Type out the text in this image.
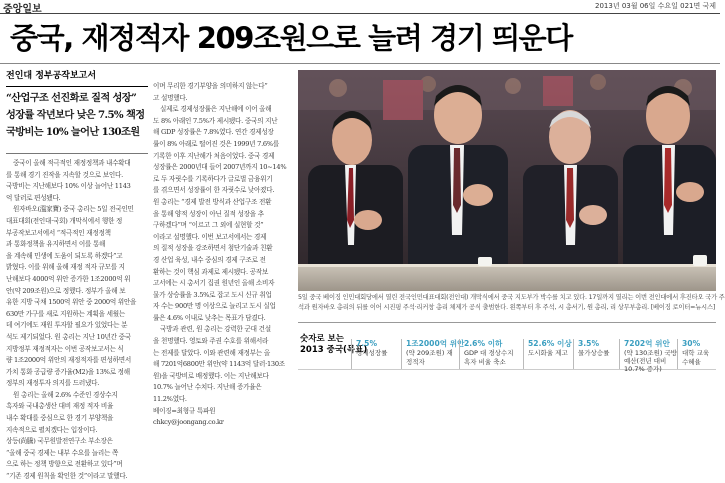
중앙일보	2013년 03월 06일 수요일 021면 국제
중국, 재정적자 209조원으로 늘려 경기 띄운다
전인대 정부공작보고서
“산업구조 선진화로 질적 성장”
성장률 작년보다 낮은 7.5% 책정
국방비는 10% 늘어난 130조원
중국이 올해 적극적인 재정정책과 내수확대
를 통해 경기 진작을 지속할 것으로 보인다.
국방비는 지난해보다 10% 이상 늘어난 1143
억 달러로 편성됐다.
원자바오(溫家寶) 중국 총리는 5일 전국인민
대표대회(전인대·국회) 개막식에서 행한 정
부공작보고서에서 “적극적인 재정정책
과 통화정책을 유지하면서 이를 통해
을 계속해 민생에 도움이 되도록 하겠다”고
밝혔다. 이를 위해 올해 재정 적자 규모를 지
난해보다 4000억 위안 증가한 1조2000억 위
안(약 209조원)으로 정했다. 정부가 올해 보
유한 지방 국채 1500억 위안 중 2000억 위안을
630만 가구를 새로 지원하는 계획을 세웠는
데 여기에도 재원 투자할 필요가 있었다는 분
석도 제기되었다. 원 총리는 지난 10년간 중국
지방정부 재정적자는 이번 공작보고서는 식
량 1조2000억 위안의 재정적자를 편성하면서
가치 통화 공급량 증가율(M2)을 13%로 정해
정부의 재정투자 의지를 드러냈다.
원 총리는 올해 2.6% 수준인 경상수지
흑자와 국내총생산 대비 재정 적자 비율
내수 확대를 중심으로 한 경기 부양책을
지속적으로 펼치겠다는 입장이다.
상등(尚騰) 국무원발전연구소 부소장은
“올해 중국 경제는 내부 수요를 늘리는 쪽
으로 하는 정책 방향으로 전환하고 있다”며
“기존 경제 원칙을 확인한 것”이라고 말했다.
이며 무리한 경기부양을 의미하지 않는다”
고 설명했다.
실제로 경제성장률은 지난해에 이어 올해
도 8% 아래인 7.5%가 제시됐다. 중국의 지난
해 GDP 성장률은 7.8%였다. 연간 경제성장
률이 8% 아래로 떨어진 것은 1999년 7.6%를
기록한 이후 지난해가 처음이었다. 중국 경제
성장률은 2000년대 들어 2007년까지 10~14%
로 두 자릿수를 기록하다가 글로벌 금융위기
를 겪으면서 성장률이 한 자릿수로 낮아졌다.
원 총리는 “경제 발전 방식과 산업구조 전환
을 통해 양적 성장이 아닌 질적 성장을 추
구하겠다”며 “이르고 그 외에 실현할 것”
이라고 설명했다. 이번 보고서에서는 경제
의 질적 성장을 강조하면서 첨단기술과 친환
경 산업 육성, 내수 중심의 경제 구조로 전
환하는 것이 핵심 과제로 제시됐다. 공작보
고서에는 시 총서기 집권 원년인 올해 소비자
물가 상승률을 3.5%로 잡고 도시 신규 취업
자 수는 900만 명 이상으로 늘리고 도시 실업
률은 4.6% 이내로 낮추는 목표가 담겼다.
국방과 관련, 원 총리는 강력한 군대 건설
을 천명했다. 영토와 주권 수호를 위해서라
는 전제를 달았다. 이와 관련해 재정부는 올
해 7201억6800만 위안(약 1143억 달러·130조
원)을 국방비로 배정했다. 이는 지난해보다
10.7% 늘어난 수치다. 지난해 증가율은
11.2%였다.
베이징=최형규 특파원
chkcy@joongang.co.kr
5일 중국 베이징 인민대회당에서 열린 전국인민대표대회(전인대) 개막식에서 중국 지도부가 박수를 치고 있다. 17일까지 열리는 이번 전인대에서 후진타오 국가 주
석과 원자바오 총리의 뒤를 이어 시진핑 주석·리커창 총리 체제가 공식 출범한다. 왼쪽부터 후 주석, 시 총서기, 원 총리, 리 상무부총리. [베이징 로이터=뉴시스]
숫자로 보는
2013 중국(목표)
7.5%
경제성장률
1조2000억 위안
(약 209조원) 재정적자
2.6% 이하
GDP 대 경상수지 흑자 비율 축소
52.6% 이상
도시화율 제고
3.5%
물가상승률
7202억 위안
(약 130조원) 국방예산(전년 대비 10.7% 증가)
30%
대학 교육 수혜율
